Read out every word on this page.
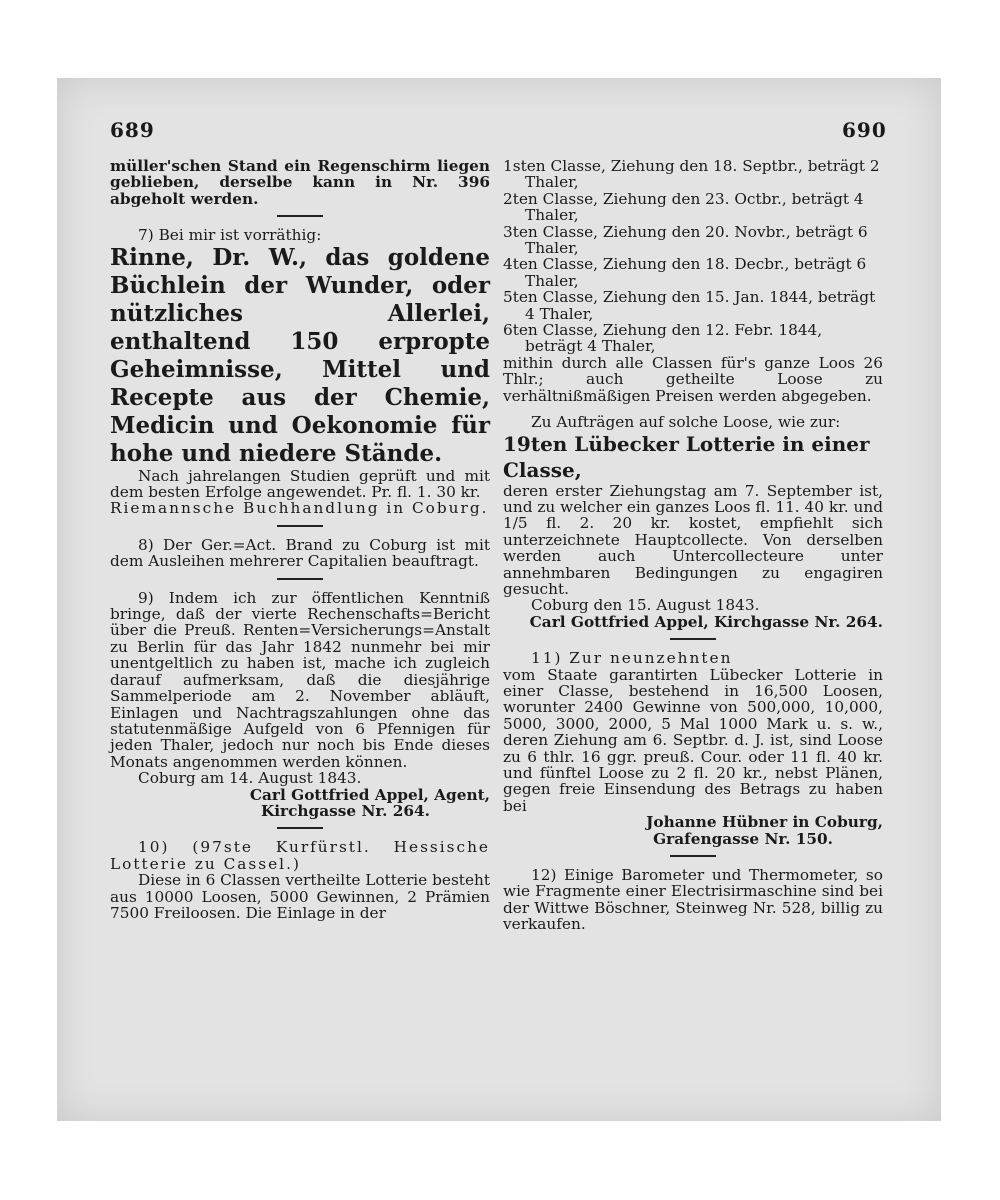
689	690

müller'schen Stand ein Regenschirm liegen geblieben, derselbe kann in Nr. 396 abgeholt werden.

7) Bei mir ist vorräthig:

Rinne, Dr. W., das goldene Büchlein der Wunder, oder nützliches Allerlei, enthaltend 150 erpropte Geheimnisse, Mittel und Recepte aus der Chemie, Medicin und Oekonomie für hohe und niedere Stände.

Nach jahrelangen Studien geprüft und mit dem besten Erfolge angewendet. Pr. fl. 1. 30 kr.

Riemannsche Buchhandlung in Coburg.

8) Der Ger.=Act. Brand zu Coburg ist mit dem Ausleihen mehrerer Capitalien beauftragt.

9) Indem ich zur öffentlichen Kenntniß bringe, daß der vierte Rechenschafts=Bericht über die Preuß. Renten=Versicherungs=Anstalt zu Berlin für das Jahr 1842 nunmehr bei mir unentgeltlich zu haben ist, mache ich zugleich darauf aufmerksam, daß die diesjährige Sammelperiode am 2. November abläuft, Einlagen und Nachtragszahlungen ohne das statutenmäßige Aufgeld von 6 Pfennigen für jeden Thaler, jedoch nur noch bis Ende dieses Monats angenommen werden können.

Coburg am 14. August 1843.

Carl Gottfried Appel, Agent,

Kirchgasse Nr. 264.

10) (97ste Kurfürstl. Hessische Lotterie zu Cassel.)

Diese in 6 Classen vertheilte Lotterie besteht aus 10000 Loosen, 5000 Gewinnen, 2 Prämien 7500 Freiloosen. Die Einlage in der

1sten Classe, Ziehung den 18. Septbr., beträgt 2 Thaler,

2ten Classe, Ziehung den 23. Octbr., beträgt 4 Thaler,

3ten Classe, Ziehung den 20. Novbr., beträgt 6 Thaler,

4ten Classe, Ziehung den 18. Decbr., beträgt 6 Thaler,

5ten Classe, Ziehung den 15. Jan. 1844, beträgt 4 Thaler,

6ten Classe, Ziehung den 12. Febr. 1844, beträgt 4 Thaler,

mithin durch alle Classen für's ganze Loos 26 Thlr.; auch getheilte Loose zu verhältnißmäßigen Preisen werden abgegeben.

Zu Aufträgen auf solche Loose, wie zur:

19ten Lübecker Lotterie in einer Classe,

deren erster Ziehungstag am 7. September ist, und zu welcher ein ganzes Loos fl. 11. 40 kr. und 1/5 fl. 2. 20 kr. kostet, empfiehlt sich unterzeichnete Hauptcollecte. Von derselben werden auch Untercollecteure unter annehmbaren Bedingungen zu engagiren gesucht.

Coburg den 15. August 1843.

Carl Gottfried Appel, Kirchgasse Nr. 264.

11) Zur neunzehnten

vom Staate garantirten Lübecker Lotterie in einer Classe, bestehend in 16,500 Loosen, worunter 2400 Gewinne von 500,000, 10,000, 5000, 3000, 2000, 5 Mal 1000 Mark u. s. w., deren Ziehung am 6. Septbr. d. J. ist, sind Loose zu 6 thlr. 16 ggr. preuß. Cour. oder 11 fl. 40 kr. und fünftel Loose zu 2 fl. 20 kr., nebst Plänen, gegen freie Einsendung des Betrags zu haben bei

Johanne Hübner in Coburg,

Grafengasse Nr. 150.

12) Einige Barometer und Thermometer, so wie Fragmente einer Electrisirmaschine sind bei der Wittwe Böschner, Steinweg Nr. 528, billig zu verkaufen.
